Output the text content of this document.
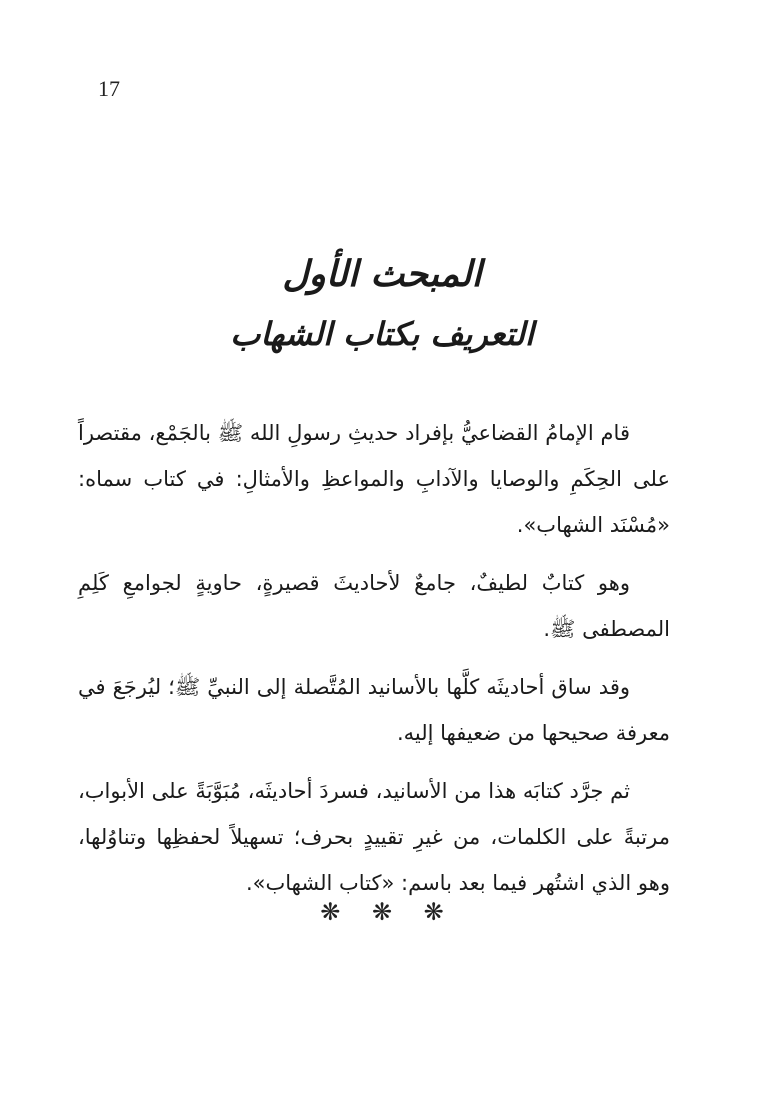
17
المبحث الأول
التعريف بكتاب الشهاب

قام الإمامُ القضاعيُّ بإفراد حديثِ رسولِ الله ﷺ بالجَمْع، مقتصراً على الحِكَمِ والوصايا والآدابِ والمواعظِ والأمثالِ: في كتاب سماه: «مُسْنَد الشهاب».

وهو كتابٌ لطيفٌ، جامعٌ لأحاديثَ قصيرةٍ، حاويةٍ لجوامعِ كَلِمِ المصطفى ﷺ.

وقد ساق أحاديثَه كلَّها بالأسانيد المُتَّصلة إلى النبيِّ ﷺ؛ ليُرجَعَ في معرفة صحيحها من ضعيفها إليه.

ثم جرَّد كتابَه هذا من الأسانيد، فسردَ أحاديثَه، مُبَوَّبَةً على الأبواب، مرتبةً على الكلمات، من غيرِ تقييدٍ بحرف؛ تسهيلاً لحفظِها وتناوُلها، وهو الذي اشتُهر فيما بعد باسم: «كتاب الشهاب».

❋ ❋ ❋
